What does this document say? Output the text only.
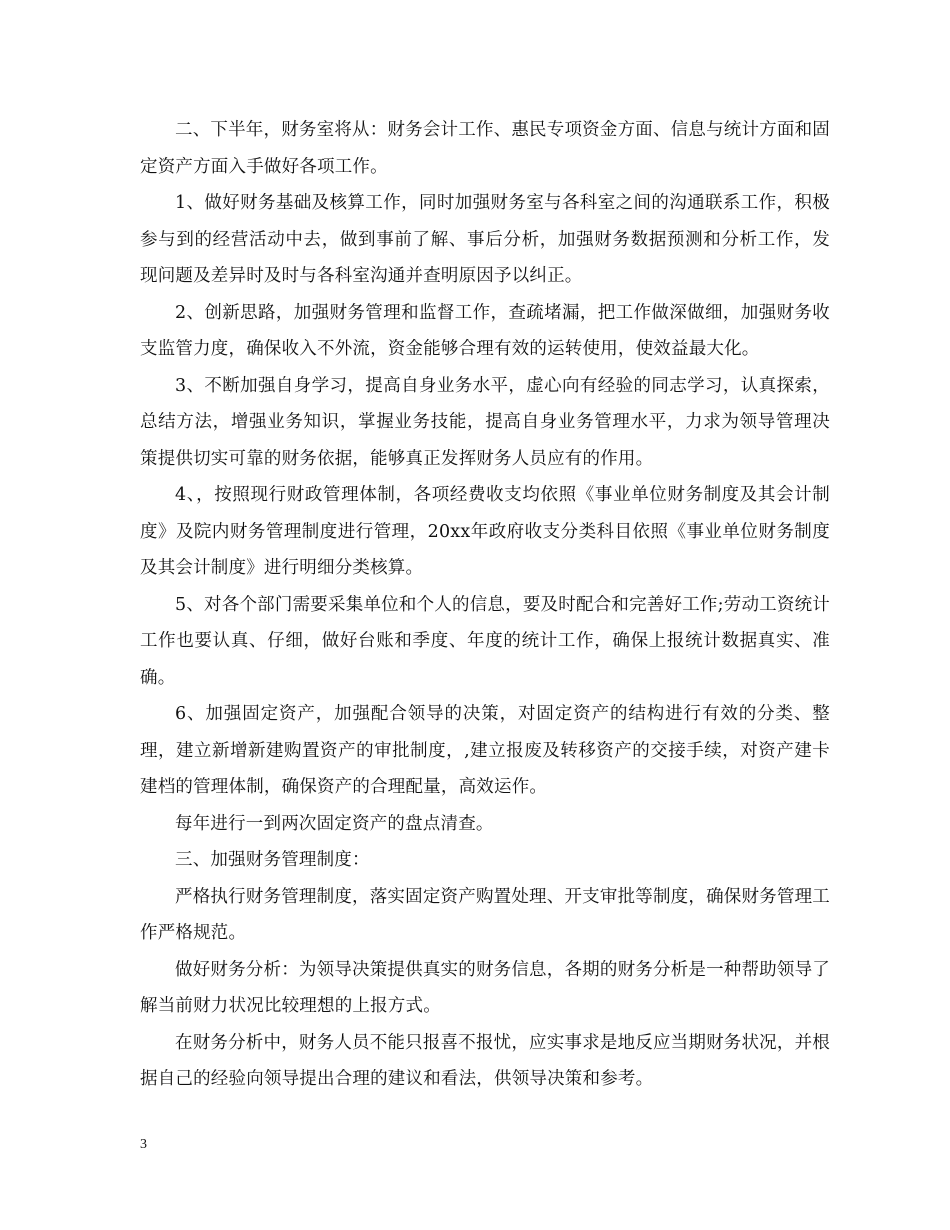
二、下半年，财务室将从：财务会计工作、惠民专项资金方面、信息与统计方面和固定资产方面入手做好各项工作。

1、做好财务基础及核算工作，同时加强财务室与各科室之间的沟通联系工作，积极参与到的经营活动中去，做到事前了解、事后分析，加强财务数据预测和分析工作，发现问题及差异时及时与各科室沟通并查明原因予以纠正。

2、创新思路，加强财务管理和监督工作，查疏堵漏，把工作做深做细，加强财务收支监管力度，确保收入不外流，资金能够合理有效的运转使用，使效益最大化。

3、不断加强自身学习，提高自身业务水平，虚心向有经验的同志学习，认真探索，总结方法，增强业务知识，掌握业务技能，提高自身业务管理水平，力求为领导管理决策提供切实可靠的财务依据，能够真正发挥财务人员应有的作用。

4、，按照现行财政管理体制，各项经费收支均依照《事业单位财务制度及其会计制度》及院内财务管理制度进行管理，20xx年政府收支分类科目依照《事业单位财务制度及其会计制度》进行明细分类核算。

5、对各个部门需要采集单位和个人的信息，要及时配合和完善好工作;劳动工资统计工作也要认真、仔细，做好台账和季度、年度的统计工作，确保上报统计数据真实、准确。

6、加强固定资产，加强配合领导的决策，对固定资产的结构进行有效的分类、整理，建立新增新建购置资产的审批制度，,建立报废及转移资产的交接手续，对资产建卡建档的管理体制，确保资产的合理配量，高效运作。

每年进行一到两次固定资产的盘点清查。

三、加强财务管理制度：

严格执行财务管理制度，落实固定资产购置处理、开支审批等制度，确保财务管理工作严格规范。

做好财务分析：为领导决策提供真实的财务信息，各期的财务分析是一种帮助领导了解当前财力状况比较理想的上报方式。

在财务分析中，财务人员不能只报喜不报忧，应实事求是地反应当期财务状况，并根据自己的经验向领导提出合理的建议和看法，供领导决策和参考。

3
